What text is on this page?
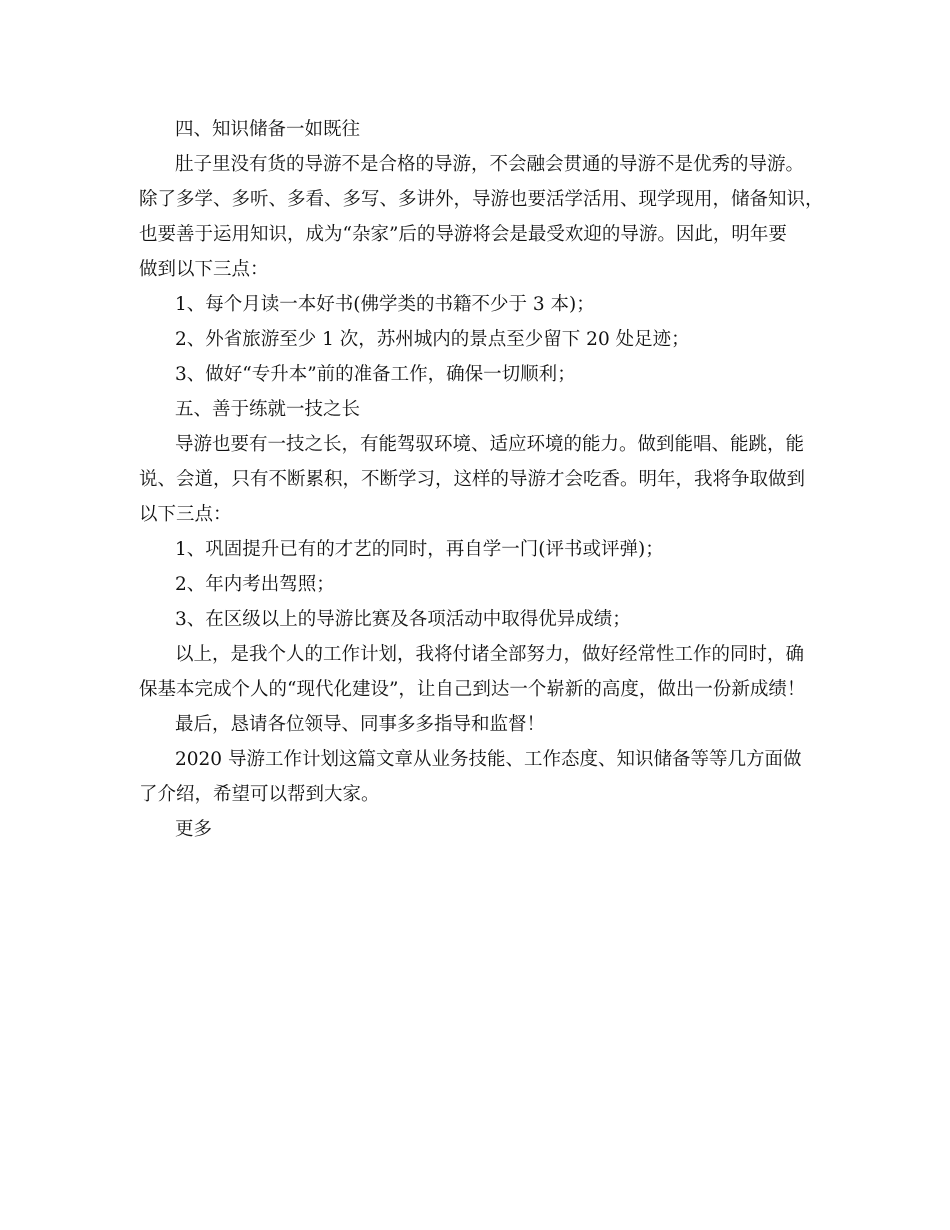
四、知识储备一如既往
肚子里没有货的导游不是合格的导游，不会融会贯通的导游不是优秀的导游。
除了多学、多听、多看、多写、多讲外，导游也要活学活用、现学现用，储备知识，
也要善于运用知识，成为“杂家”后的导游将会是最受欢迎的导游。因此，明年要
做到以下三点：
1、每个月读一本好书(佛学类的书籍不少于 3 本)；
2、外省旅游至少 1 次，苏州城内的景点至少留下 20 处足迹；
3、做好“专升本”前的准备工作，确保一切顺利；
五、善于练就一技之长
导游也要有一技之长，有能驾驭环境、适应环境的能力。做到能唱、能跳，能
说、会道，只有不断累积，不断学习，这样的导游才会吃香。明年，我将争取做到
以下三点：
1、巩固提升已有的才艺的同时，再自学一门(评书或评弹)；
2、年内考出驾照；
3、在区级以上的导游比赛及各项活动中取得优异成绩；
以上，是我个人的工作计划，我将付诸全部努力，做好经常性工作的同时，确
保基本完成个人的“现代化建设”，让自己到达一个崭新的高度，做出一份新成绩！
最后，恳请各位领导、同事多多指导和监督！
2020 导游工作计划这篇文章从业务技能、工作态度、知识储备等等几方面做
了介绍，希望可以帮到大家。
更多
